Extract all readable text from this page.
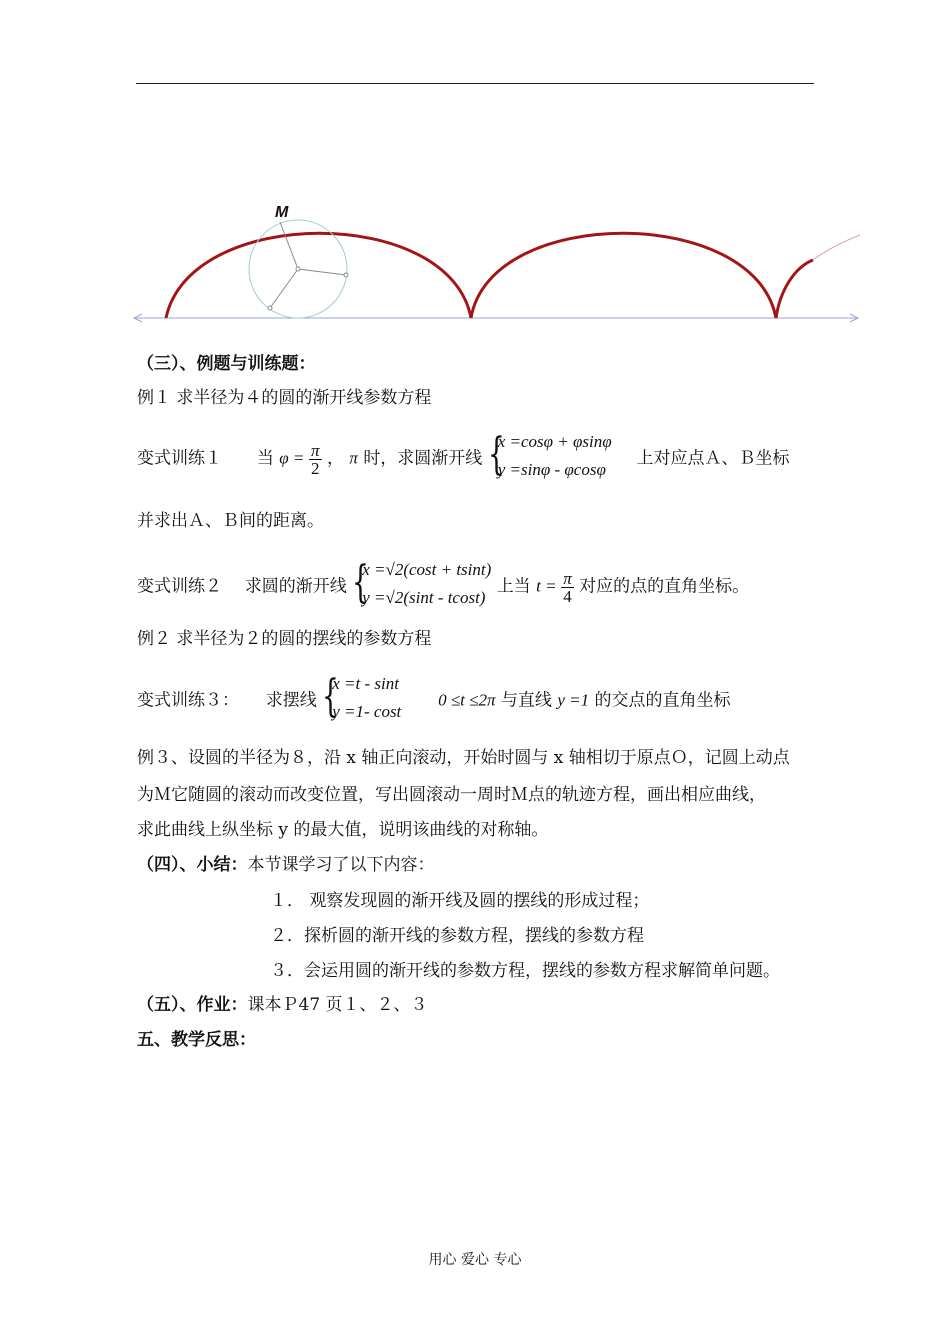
M
（三）、例题与训练题：
例１ 求半径为４的圆的渐开线参数方程
变式训练１ 当 $\varphi = \frac{\pi}{2}$ ， π 时，求圆渐开线 {
x =cosφ + φsinφ
y =sinφ - φcosφ
上对应点Ａ、Ｂ坐标
并求出Ａ、Ｂ间的距离。
变式训练２ 求圆的渐开线 {
x =√2(cost + tsint)
y =√2(sint - tcost)
上当 $t = \frac{\pi}{4}$ 对应的点的直角坐标。
例２ 求半径为２的圆的摆线的参数方程
变式训练３： 求摆线 {
x =t - sint
y =1- cost
0 ≤t ≤2π 与直线 y =1 的交点的直角坐标
例３、设圆的半径为８，沿 x 轴正向滚动，开始时圆与 x 轴相切于原点Ｏ，记圆上动点
为Ｍ它随圆的滚动而改变位置，写出圆滚动一周时Ｍ点的轨迹方程，画出相应曲线，
求此曲线上纵坐标 y 的最大值，说明该曲线的对称轴。
（四）、小结：本节课学习了以下内容：
１． 观察发现圆的渐开线及圆的摆线的形成过程；
２．探析圆的渐开线的参数方程，摆线的参数方程
３．会运用圆的渐开线的参数方程，摆线的参数方程求解简单问题。
（五）、作业：课本Ｐ47 页１、２、３
五、教学反思：
用心 爱心 专心
